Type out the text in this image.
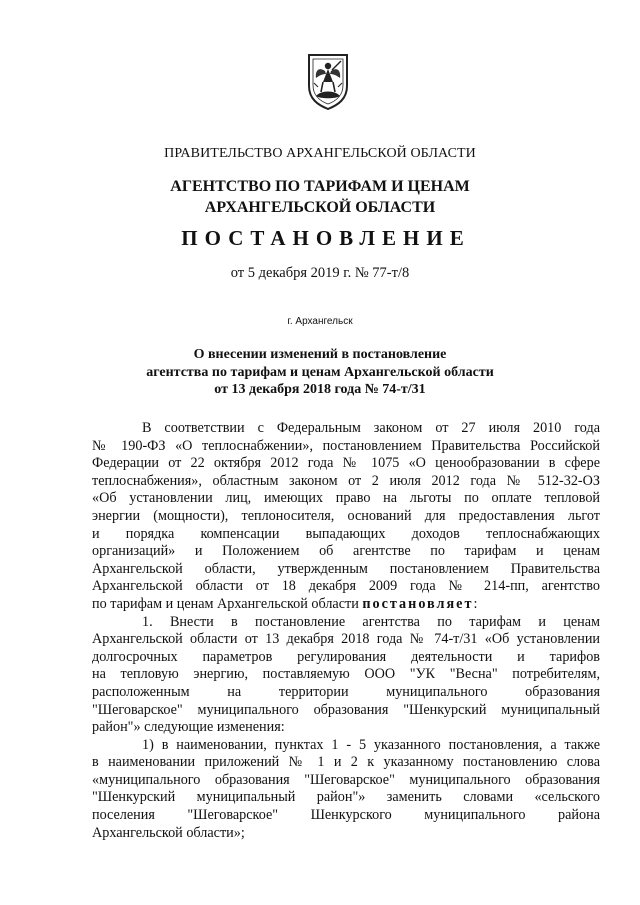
ПРАВИТЕЛЬСТВО АРХАНГЕЛЬСКОЙ ОБЛАСТИ
АГЕНТСТВО ПО ТАРИФАМ И ЦЕНАМ
АРХАНГЕЛЬСКОЙ ОБЛАСТИ
ПОСТАНОВЛЕНИЕ
от 5 декабря 2019 г. № 77-т/8
г. Архангельск
О внесении изменений в постановление
агентства по тарифам и ценам Архангельской области
от 13 декабря 2018 года № 74-т/31
В соответствии с Федеральным законом от 27 июля 2010 года
№ 190-ФЗ «О теплоснабжении», постановлением Правительства Российской
Федерации от 22 октября 2012 года № 1075 «О ценообразовании в сфере
теплоснабжения», областным законом от 2 июля 2012 года № 512-32-ОЗ
«Об установлении лиц, имеющих право на льготы по оплате тепловой
энергии (мощности), теплоносителя, оснований для предоставления льгот
и порядка компенсации выпадающих доходов теплоснабжающих
организаций» и Положением об агентстве по тарифам и ценам
Архангельской области, утвержденным постановлением Правительства
Архангельской области от 18 декабря 2009 года № 214-пп, агентство
по тарифам и ценам Архангельской области постановляет:
1. Внести в постановление агентства по тарифам и ценам
Архангельской области от 13 декабря 2018 года № 74-т/31 «Об установлении
долгосрочных параметров регулирования деятельности и тарифов
на тепловую энергию, поставляемую ООО "УК "Весна" потребителям,
расположенным на территории муниципального образования
"Шеговарское" муниципального образования "Шенкурский муниципальный
район"» следующие изменения:
1) в наименовании, пунктах 1 - 5 указанного постановления, а также
в наименовании приложений № 1 и 2 к указанному постановлению слова
«муниципального образования "Шеговарское" муниципального образования
"Шенкурский муниципальный район"» заменить словами «сельского
поселения "Шеговарское" Шенкурского муниципального района
Архангельской области»;
